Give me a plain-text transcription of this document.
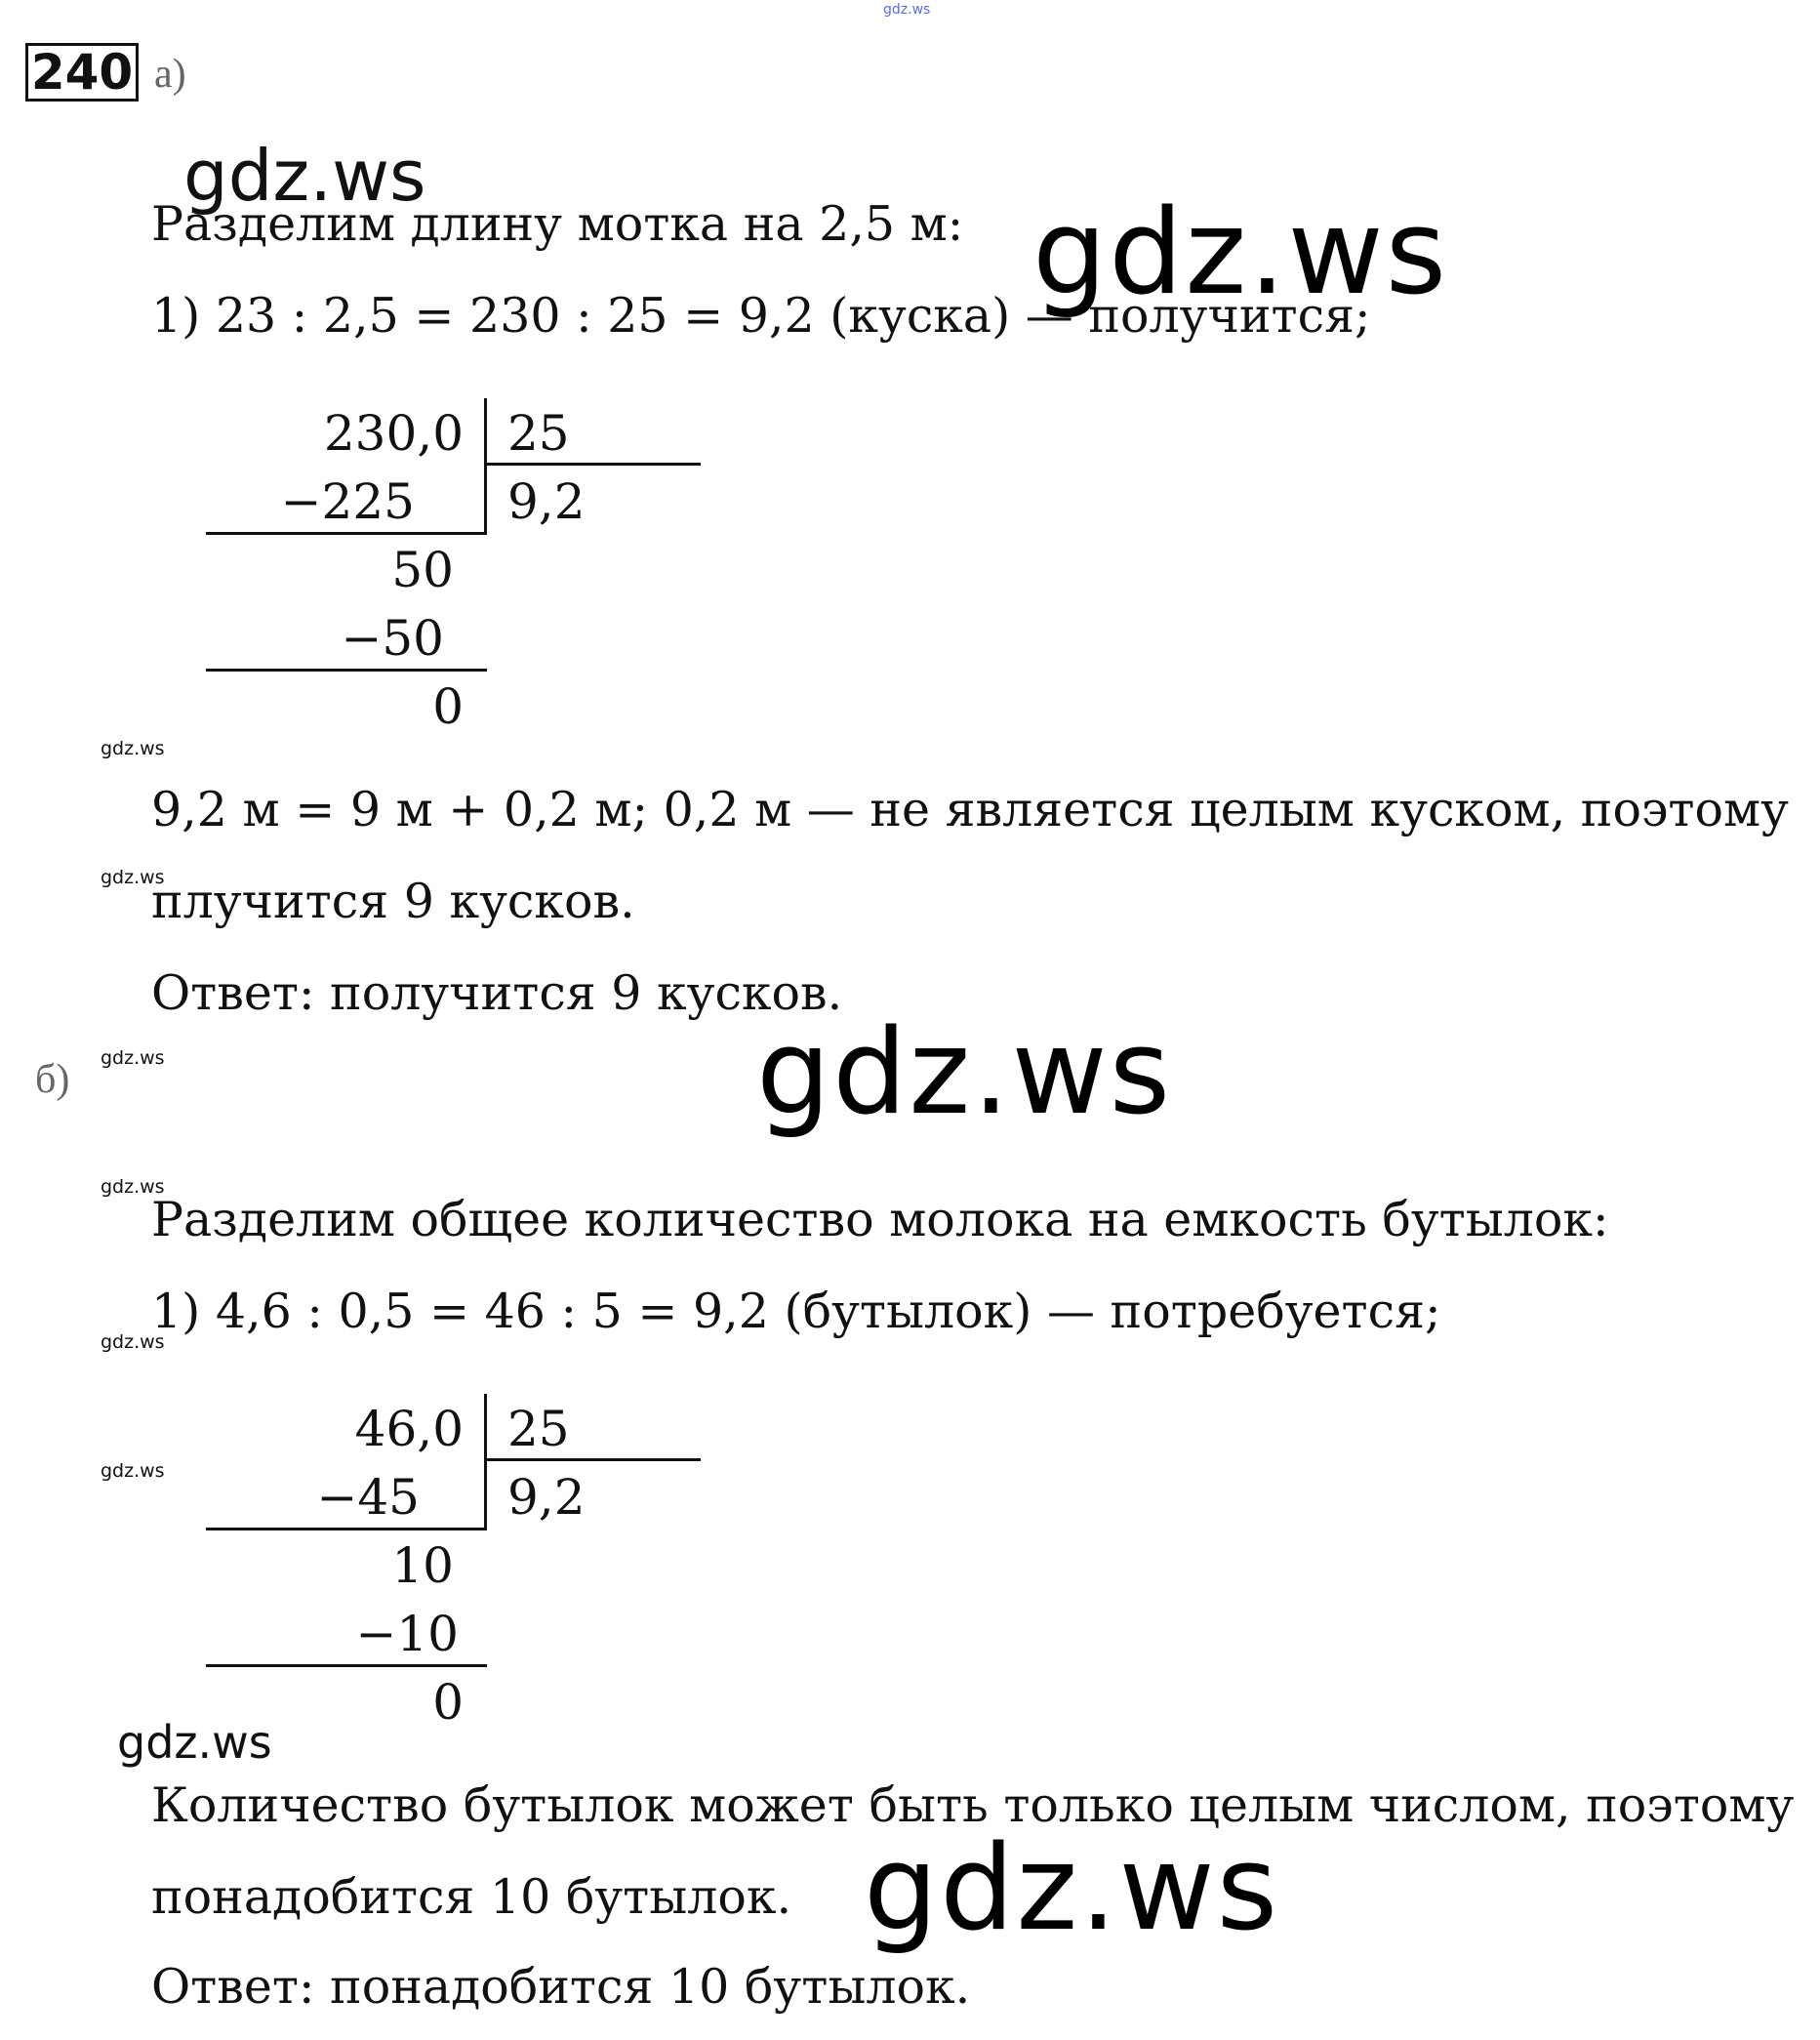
gdz.ws
240 а)
gdz.ws
gdz.ws
Разделим длину мотка на 2,5 м:
1) 23 : 2,5 = 230 : 25 = 9,2 (куска) — получится;
230,0 25
−225 9,2
50
−50
0
gdz.ws
9,2 м = 9 м + 0,2 м; 0,2 м — не является целым куском, поэтому
gdz.ws
плучится 9 кусков.
Ответ: получится 9 кусков.
б) gdz.ws	gdz.ws
gdz.ws
Разделим общее количество молока на емкость бутылок:
1) 4,6 : 0,5 = 46 : 5 = 9,2 (бутылок) — потребуется;
gdz.ws
46,0 25
gdz.ws	−45 9,2
10
−10
0
gdz.ws
Количество бутылок может быть только целым числом, поэтому
gdz.ws
понадобится 10 бутылок.
Ответ: понадобится 10 бутылок.
